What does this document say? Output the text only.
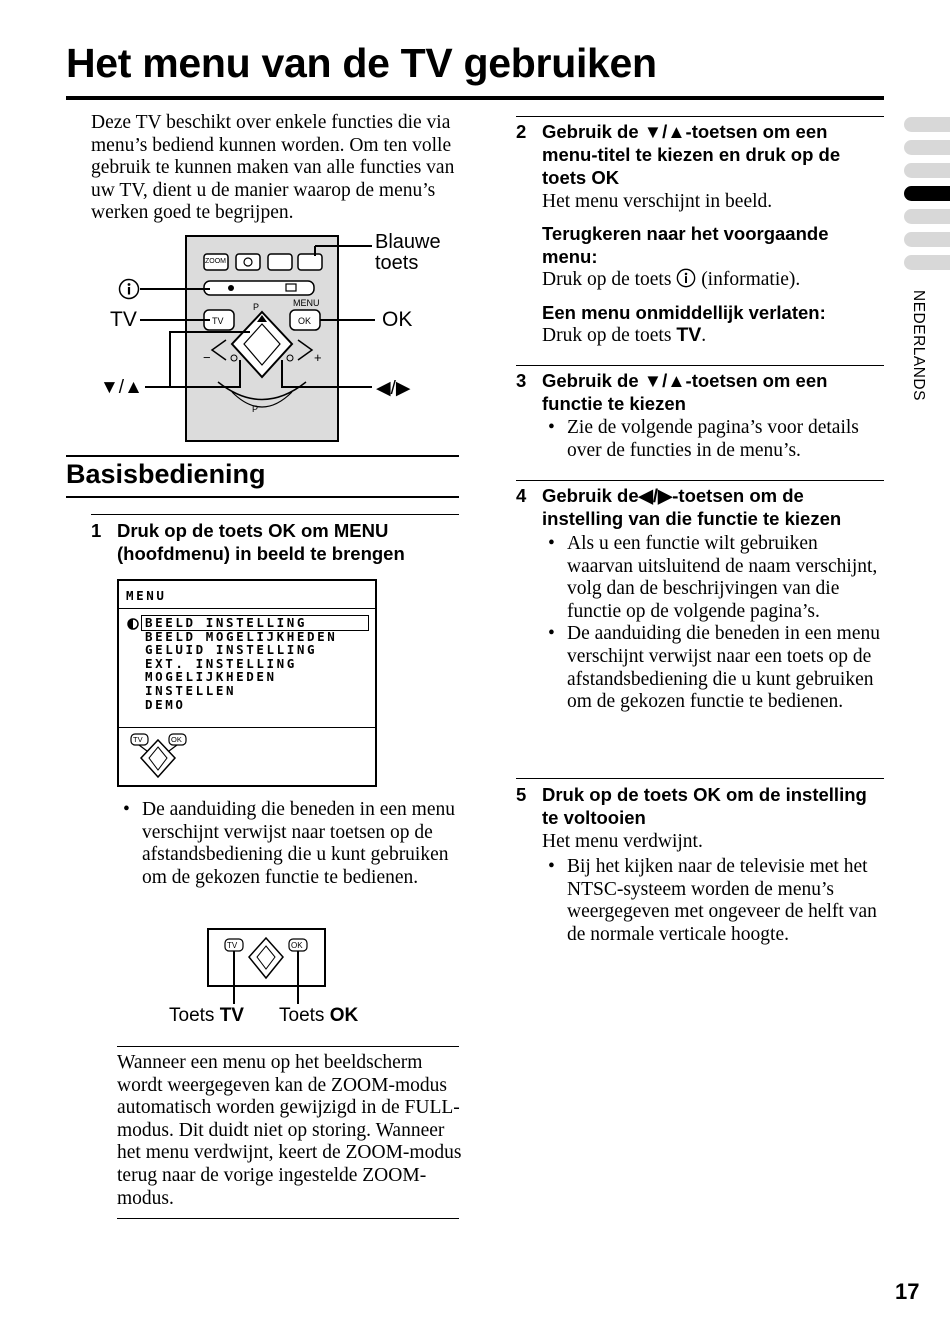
Het menu van de TV gebruiken
Deze TV beschikt over enkele functies die via menu’s bediend kunnen worden. Om ten volle gebruik te kunnen maken van alle functies van uw TV, dient u de manier waarop de menu’s werken goed te begrijpen.
ZOOM
TV	OK
MENU
P
P
−	+
Blauwe toets
TV	OK
▼/▲	◀/▶
Basisbediening
1 Druk op de toets OK om MENU (hoofdmenu) in beeld te brengen
MENU
BEELD INSTELLING
BEELD MOGELIJKHEDEN
GELUID INSTELLING
EXT. INSTELLING
MOGELIJKHEDEN
INSTELLEN
DEMO
TV	OK
• De aanduiding die beneden in een menu verschijnt verwijst naar toetsen op de afstandsbediening die u kunt gebruiken om de gekozen functie te bedienen.
TV	OK
Toets TV Toets OK
Wanneer een menu op het beeldscherm wordt weergegeven kan de ZOOM-modus automatisch worden gewijzigd in de FULL-modus. Dit duidt niet op storing. Wanneer het menu verdwijnt, keert de ZOOM-modus terug naar de vorige ingestelde ZOOM-modus.
2 Gebruik de ▼/▲-toetsen om een menu-titel te kiezen en druk op de toets OK
Het menu verschijnt in beeld.
Terugkeren naar het voorgaande menu:
Druk op de toets  (informatie).
Een menu onmiddellijk verlaten:
Druk op de toets TV.
3 Gebruik de ▼/▲-toetsen om een functie te kiezen
• Zie de volgende pagina’s voor details over de functies in de menu’s.
4 Gebruik de◀/▶-toetsen om de instelling van die functie te kiezen
• Als u een functie wilt gebruiken waarvan uitsluitend de naam verschijnt, volg dan de beschrijvingen van die functie op de volgende pagina’s.
• De aanduiding die beneden in een menu verschijnt verwijst naar een toets op de afstandsbediening die u kunt gebruiken om de gekozen functie te bedienen.
5 Druk op de toets OK om de instelling te voltooien
Het menu verdwijnt.
• Bij het kijken naar de televisie met het NTSC-systeem worden de menu’s weergegeven met ongeveer de helft van de normale verticale hoogte.
NEDERLANDS
17
